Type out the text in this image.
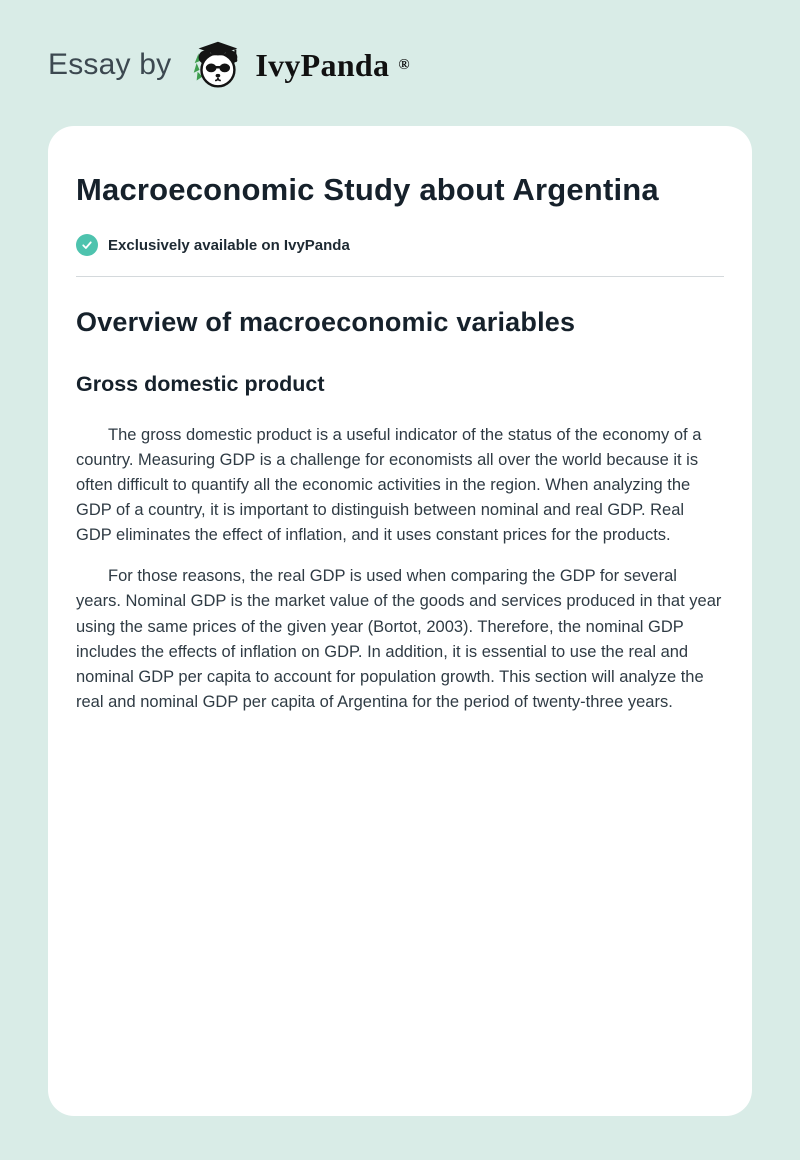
Essay by	IvyPanda ®
Macroeconomic Study about Argentina
Exclusively available on IvyPanda
Overview of macroeconomic variables
Gross domestic product

The gross domestic product is a useful indicator of the status of the economy of a country. Measuring GDP is a challenge for economists all over the world because it is often difficult to quantify all the economic activities in the region. When analyzing the GDP of a country, it is important to distinguish between nominal and real GDP. Real GDP eliminates the effect of inflation, and it uses constant prices for the products.

For those reasons, the real GDP is used when comparing the GDP for several years. Nominal GDP is the market value of the goods and services produced in that year using the same prices of the given year (Bortot, 2003). Therefore, the nominal GDP includes the effects of inflation on GDP. In addition, it is essential to use the real and nominal GDP per capita to account for population growth. This section will analyze the real and nominal GDP per capita of Argentina for the period of twenty-three years.
